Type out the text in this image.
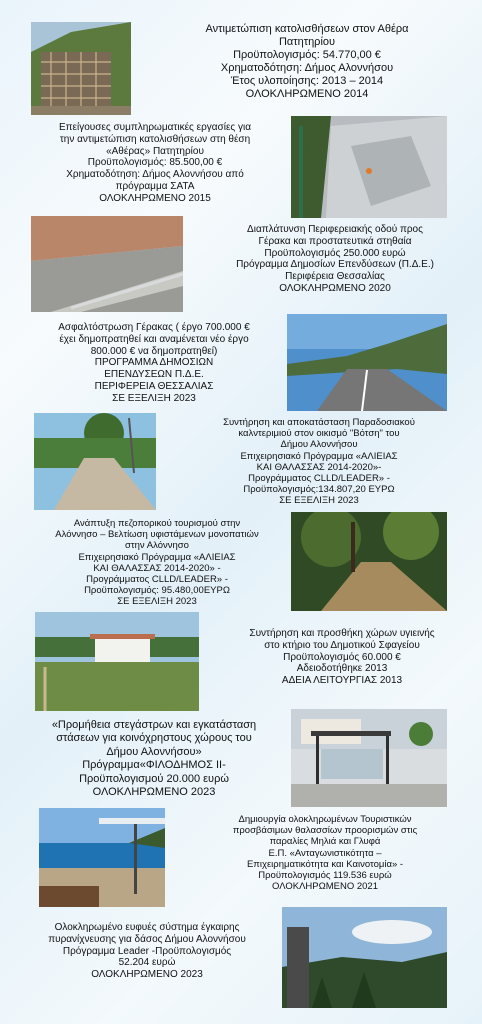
Αντιμετώπιση κατολισθήσεων στον Αθέρα
Πατητηρίου
Προϋπολογισμός: 54.770,00 €
Χρηματοδότηση: Δήμος Αλοννήσου
Έτος υλοποίησης: 2013 – 2014
ΟΛΟΚΛΗΡΩΜΕΝΟ 2014
Επείγουσες συμπληρωματικές εργασίες για
την αντιμετώπιση κατολισθήσεων στη θέση
«Αθέρας» Πατητηρίου
Προϋπολογισμός: 85.500,00 €
Χρηματοδότηση: Δήμος Αλοννήσου από
πρόγραμμα ΣΑΤΑ
ΟΛΟΚΛΗΡΩΜΕΝΟ 2015
Διαπλάτυνση Περιφερειακής οδού προς
Γέρακα και προστατευτικά στηθαία
Προϋπολογισμός 250.000 ευρώ
Πρόγραμμα Δημοσίων Επενδύσεων (Π.Δ.Ε.)
Περιφέρεια Θεσσαλίας
ΟΛΟΚΛΗΡΩΜΕΝΟ 2020
Ασφαλτόστρωση Γέρακας ( έργο 700.000 €
έχει δημοπρατηθεί και αναμένεται νέο έργο
800.000 € να δημοπρατηθεί)
ΠΡΟΓΡΑΜΜΑ ΔΗΜΟΣΙΩΝ
ΕΠΕΝΔΥΣΕΩΝ Π.Δ.Ε.
ΠΕΡΙΦΕΡΕΙΑ ΘΕΣΣΑΛΙΑΣ
ΣΕ ΕΞΕΛΙΞΗ 2023
Συντήρηση και αποκατάσταση Παραδοσιακού
καλντεριμιού στον οικισμό "Βότση" του
Δήμου Αλοννήσου
Επιχειρησιακό Πρόγραμμα «ΑΛΙΕΙΑΣ
ΚΑΙ ΘΑΛΑΣΣΑΣ 2014-2020»-
Προγράμματος CLLD/LEADER» -
Προϋπολογισμός:134.807,20 ΕΥΡΩ
ΣΕ ΕΞΕΛΙΞΗ 2023
Ανάπτυξη πεζοπορικού τουρισμού στην
Αλόννησο – Βελτίωση υφιστάμενων μονοπατιών
στην Αλόννησο
Επιχειρησιακό Πρόγραμμα «ΑΛΙΕΙΑΣ
ΚΑΙ ΘΑΛΑΣΣΑΣ 2014-2020» -
Προγράμματος CLLD/LEADER» -
Προϋπολογισμός: 95.480,00ΕΥΡΩ
ΣΕ ΕΞΕΛΙΞΗ 2023
Συντήρηση και προσθήκη χώρων υγιεινής
στο κτήριο του Δημοτικού Σφαγείου
Προϋπολογισμός 60.000 €
Αδειοδοτήθηκε 2013
ΑΔΕΙΑ ΛΕΙΤΟΥΡΓΙΑΣ 2013
«Προμήθεια στεγάστρων και εγκατάσταση
στάσεων για κοινόχρηστους χώρους του
Δήμου Αλοννήσου»
Πρόγραμμα«ΦΙΛΟΔΗΜΟΣ ΙΙ-
Προϋπολογισμού 20.000 ευρώ
ΟΛΟΚΛΗΡΩΜΕΝΟ 2023
Δημιουργία ολοκληρωμένων Τουριστικών
προσβάσιμων θαλασσίων προορισμών στις
παραλίες Μηλιά και Γλυφά
Ε.Π. «Ανταγωνιστικότητα –
Επιχειρηματικότητα και Καινοτομία» -
Προϋπολογισμός 119.536 ευρώ
ΟΛΟΚΛΗΡΩΜΕΝΟ 2021
Ολοκληρωμένο ευφυές σύστημα έγκαιρης
πυρανίχνευσης για δάσος Δήμου Αλοννήσου
Πρόγραμμα Leader -Προϋπολογισμός
52.204 ευρώ
ΟΛΟΚΛΗΡΩΜΕΝΟ 2023
